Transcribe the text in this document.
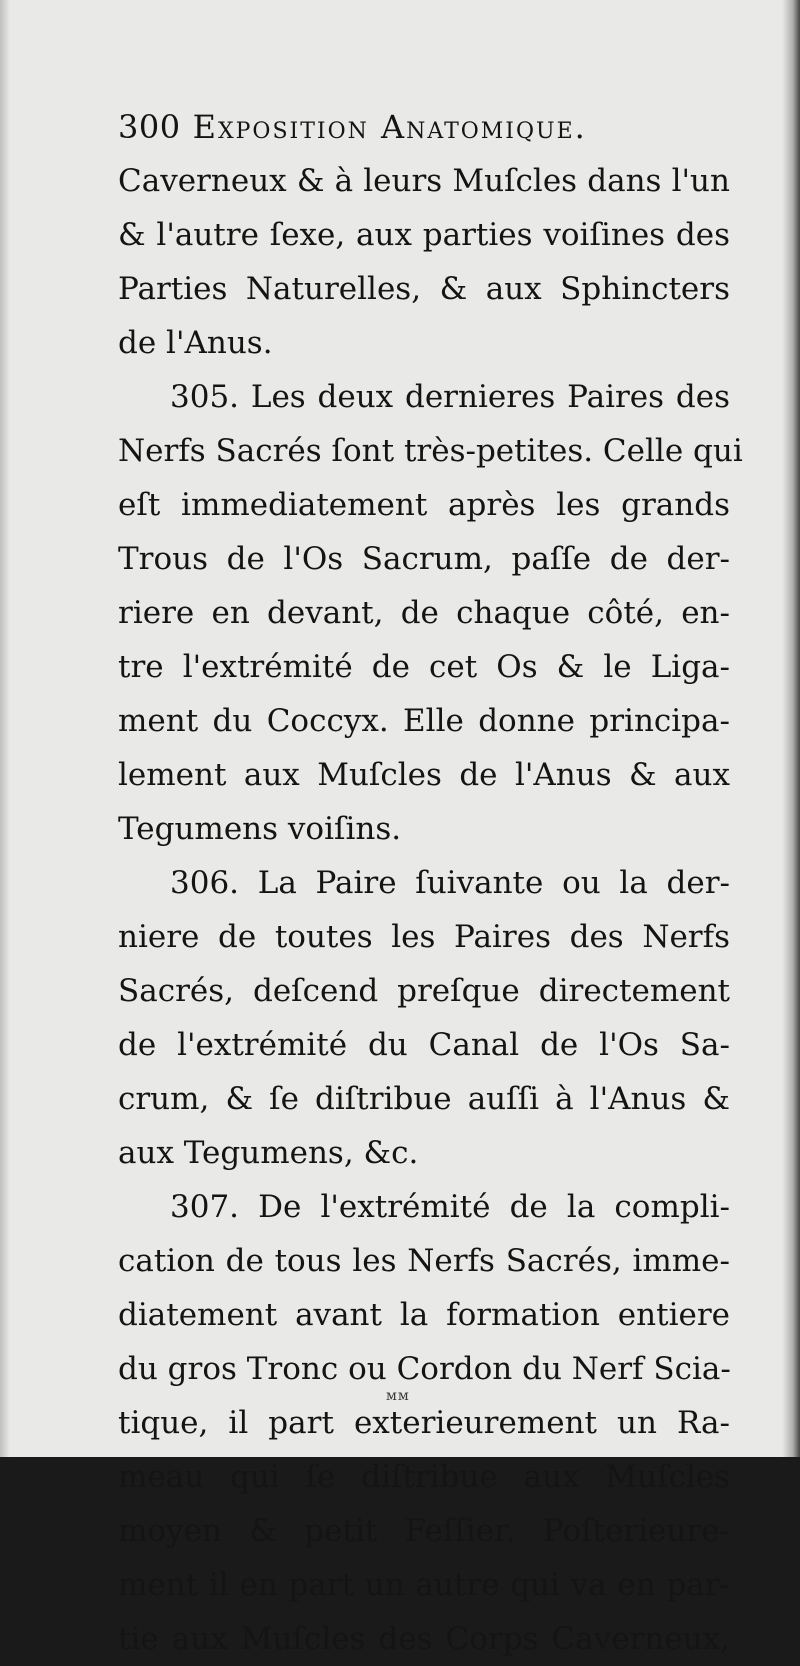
300 Exposition Anatomique.
Caverneux & à leurs Muſcles dans l'un
& l'autre ſexe, aux parties voiſines des
Parties Naturelles, & aux Sphincters
de l'Anus.
305. Les deux dernieres Paires des
Nerfs Sacrés ſont très-petites. Celle qui
eſt immediatement après les grands
Trous de l'Os Sacrum, paſſe de der-
riere en devant, de chaque côté, en-
tre l'extrémité de cet Os & le Liga-
ment du Coccyx. Elle donne principa-
lement aux Muſcles de l'Anus & aux
Tegumens voiſins.
306. La Paire ſuivante ou la der-
niere de toutes les Paires des Nerfs
Sacrés, deſcend preſque directement
de l'extrémité du Canal de l'Os Sa-
crum, & ſe diſtribue auſſi à l'Anus &
aux Tegumens, &c.
307. De l'extrémité de la compli-
cation de tous les Nerfs Sacrés, imme-
diatement avant la formation entiere
du gros Tronc ou Cordon du Nerf Scia-
tique, il part exterieurement un Ra-
meau qui ſe diſtribue aux Muſcles
moyen & petit Feſſier. Poſterieure-
ment il en part un autre qui va en par-
tie aux Muſcles des Corps Caverneux,
ᴍᴍ
